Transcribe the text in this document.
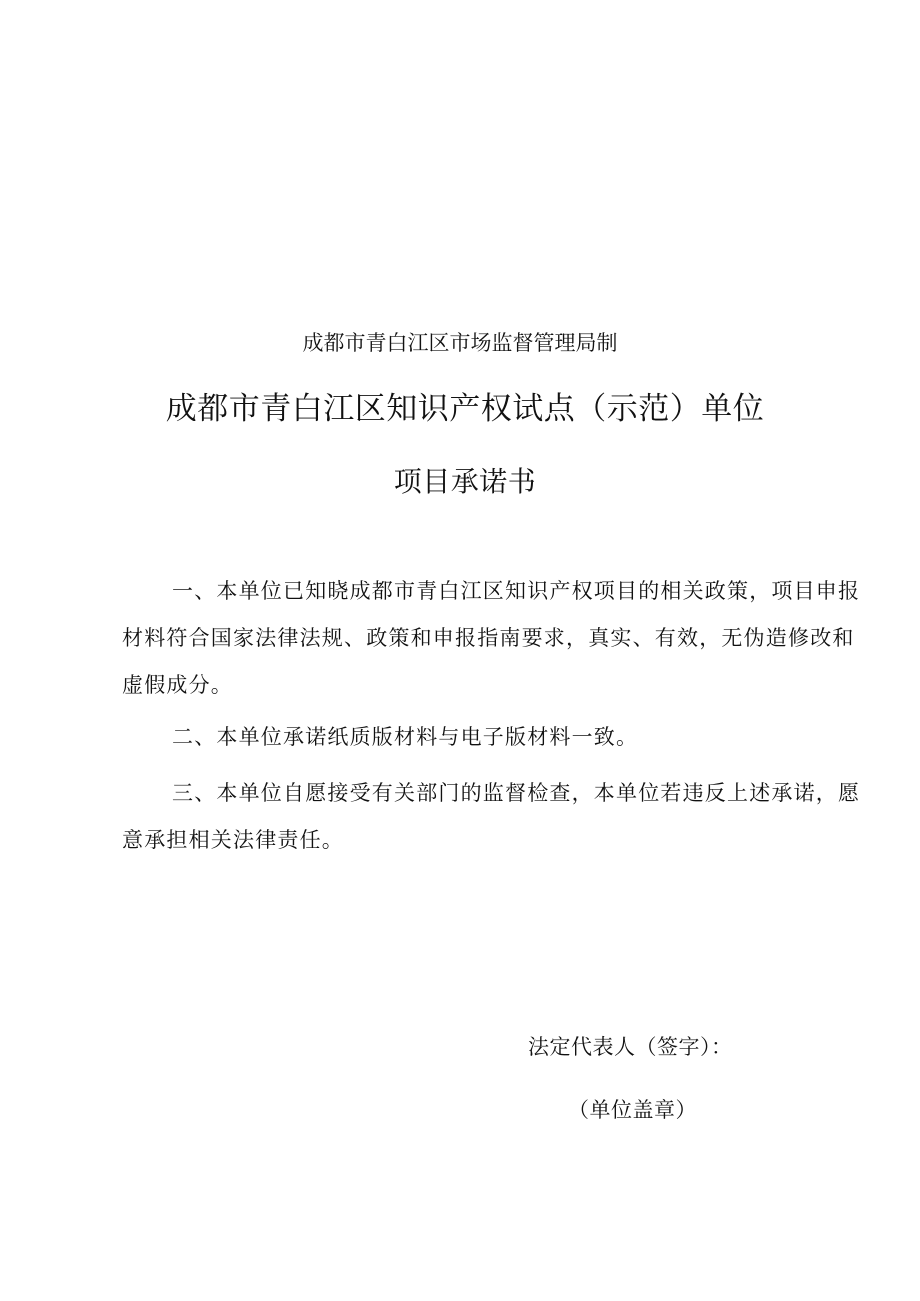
成都市青白江区市场监督管理局制
成都市青白江区知识产权试点（示范）单位
项目承诺书

一、本单位已知晓成都市青白江区知识产权项目的相关政策，项目申报材料符合国家法律法规、政策和申报指南要求，真实、有效，无伪造修改和虚假成分。

二、本单位承诺纸质版材料与电子版材料一致。

三、本单位自愿接受有关部门的监督检查，本单位若违反上述承诺，愿意承担相关法律责任。

法定代表人（签字）：
（单位盖章）
